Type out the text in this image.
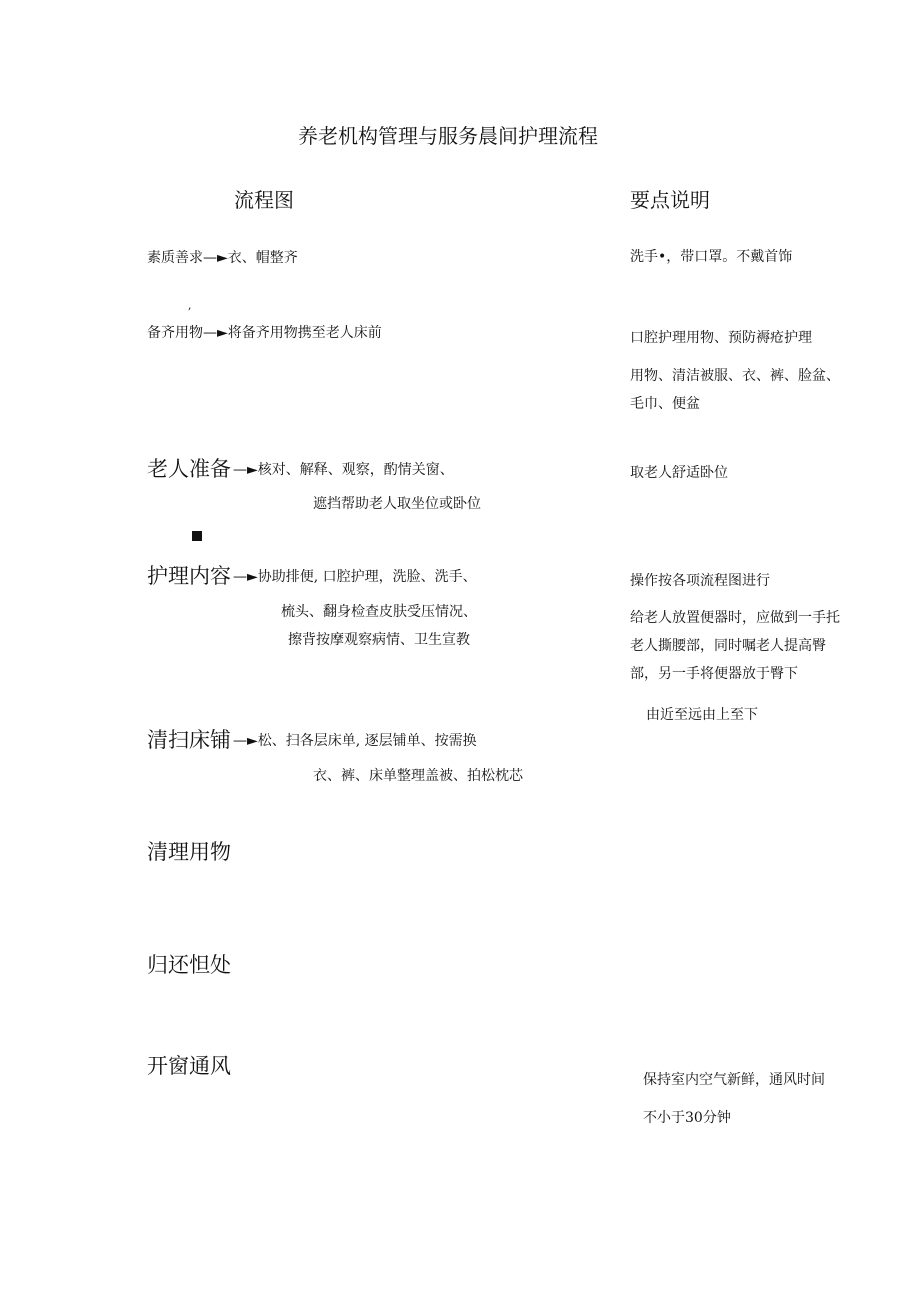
养老机构管理与服务晨间护理流程
流程图	要点说明
素质善求—►衣、帽整齐
,
备齐用物—►将备齐用物携至老人床前
老人准备 —►核对、解释、观察，酌情关窗、
遮挡帮助老人取坐位或卧位
护理内容 —►协助排便, 口腔护理，洗脸、洗手、
梳头、翻身检查皮肤受压情况、
擦背按摩观察病情、卫生宣教
清扫床铺 —►松、扫各层床单, 逐层铺单、按需换
衣、裤、床单整理盖被、拍松枕芯
清理用物
归还怛处
开窗通风
洗手•，带口罩。不戴首饰
口腔护理用物、预防褥疮护理
用物、清洁被服、衣、裤、脸盆、
毛巾、便盆
取老人舒适卧位
操作按各项流程图进行
给老人放置便器时，应做到一手托
老人撕腰部，同时嘱老人提高臀
部，另一手将便器放于臀下
由近至远由上至下
保持室内空气新鲜，通风时间
不小于30分钟
